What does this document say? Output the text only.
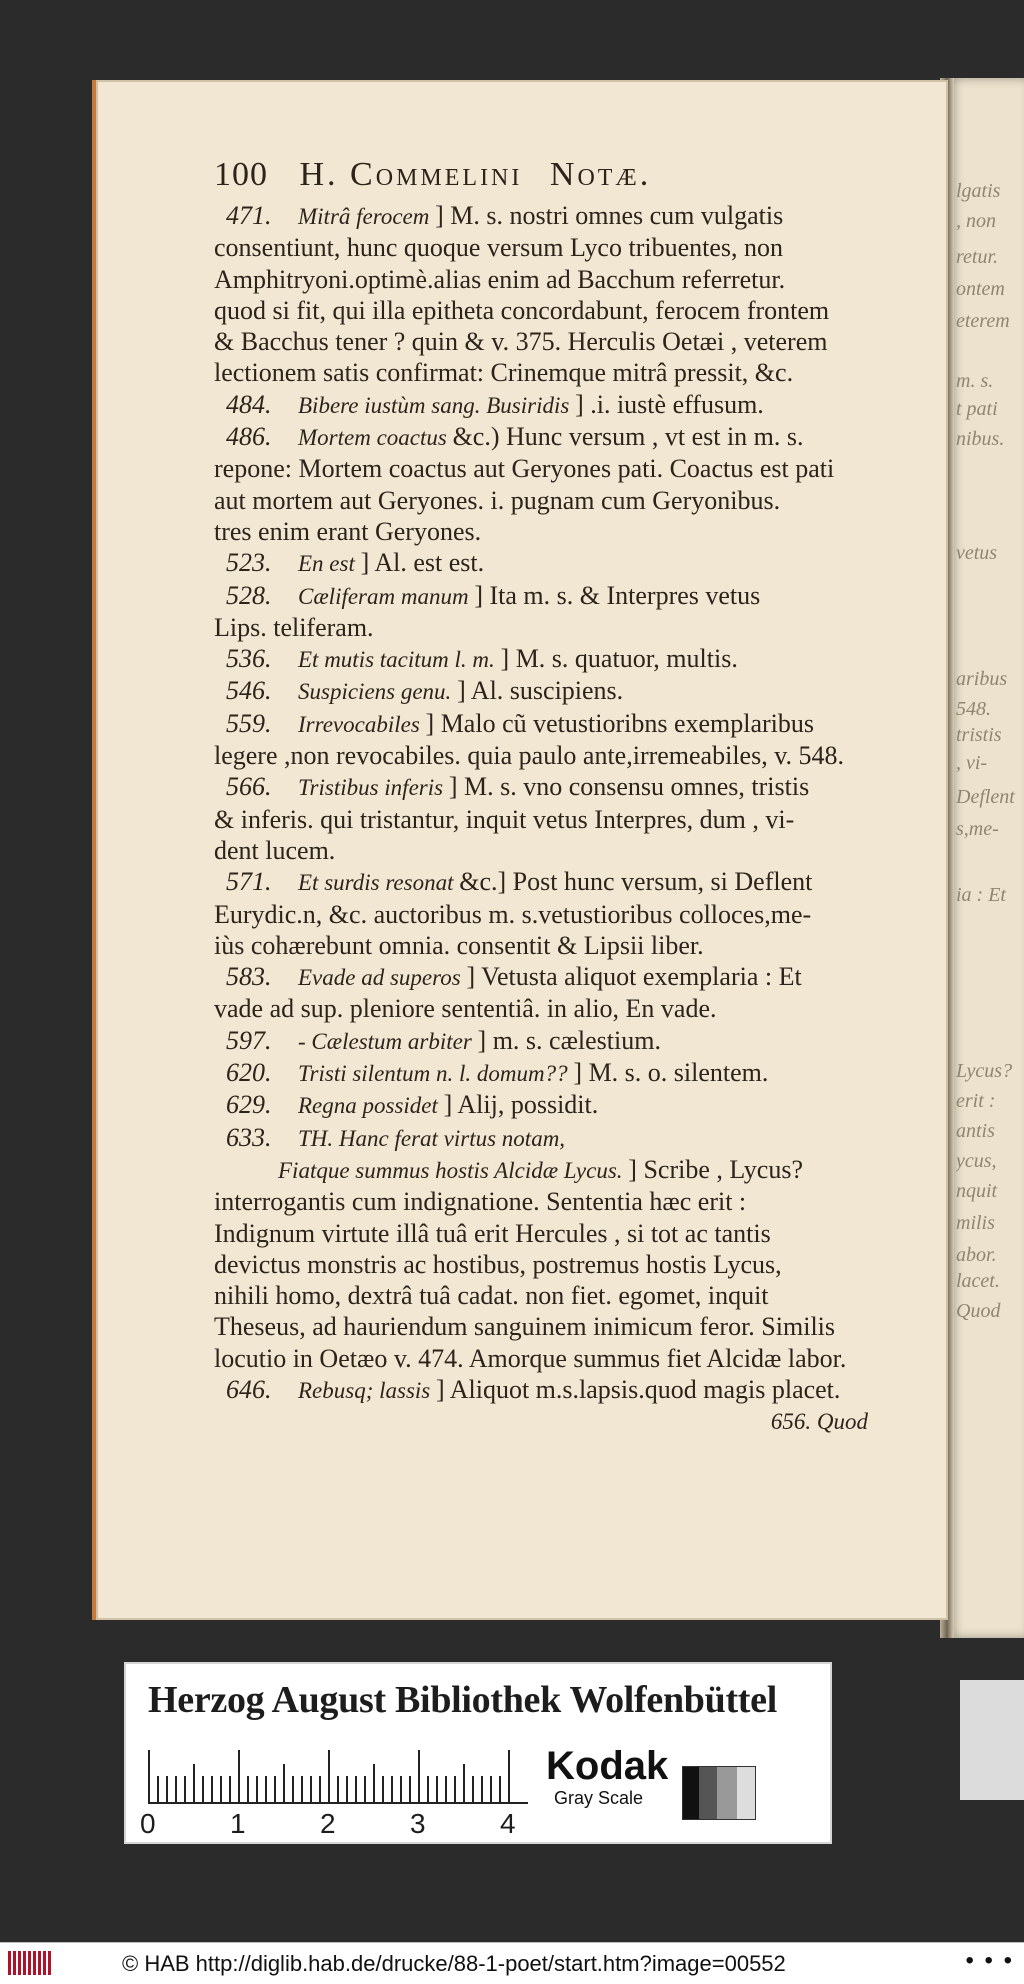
lgatis
, non
retur.
ontem
eterem
m. s.
t pati
nibus.
vetus
aribus
548.
tristis
, vi-
Deflent
s,me-
ia : Et
Lycus?
erit :
antis
ycus,
nquit
milis
abor.
lacet.
Quod
100 H. Commelini Notæ.
471. Mitrâ ferocem ] M. s. nostri omnes cum vulgatis
consentiunt, hunc quoque versum Lyco tribuentes, non
Amphitryoni.optimè.alias enim ad Bacchum referretur.
quod si fit, qui illa epitheta concordabunt, ferocem frontem
& Bacchus tener ? quin & v. 375. Herculis Oetæi , veterem
lectionem satis confirmat: Crinemque mitrâ pressit, &c.
484. Bibere iustùm sang. Busiridis ] .i. iustè effusum.
486. Mortem coactus &c.) Hunc versum , vt est in m. s.
repone: Mortem coactus aut Geryones pati. Coactus est pati
aut mortem aut Geryones. i. pugnam cum Geryonibus.
tres enim erant Geryones.
523. En est ] Al. est est.
528. Cæliferam manum ] Ita m. s. & Interpres vetus
Lips. teliferam.
536. Et mutis tacitum l. m. ] M. s. quatuor, multis.
546. Suspiciens genu. ] Al. suscipiens.
559. Irrevocabiles ] Malo cũ vetustioribns exemplaribus
legere ,non revocabiles. quia paulo ante,irremeabiles, v. 548.
566. Tristibus inferis ] M. s. vno consensu omnes, tristis
& inferis. qui tristantur, inquit vetus Interpres, dum , vi-
dent lucem.
571. Et surdis resonat &c.] Post hunc versum, si Deflent
Eurydic.n, &c. auctoribus m. s.vetustioribus colloces,me-
iùs cohærebunt omnia. consentit & Lipsii liber.
583. Evade ad superos ] Vetusta aliquot exemplaria : Et
vade ad sup. pleniore sententiâ. in alio, En vade.
597. - Cælestum arbiter ] m. s. cælestium.
620. Tristi silentum n. l. domum?? ] M. s. o. silentem.
629. Regna possidet ] Alij, possidit.
633. TH. Hanc ferat virtus notam,
Fiatque summus hostis Alcidæ Lycus. ] Scribe , Lycus?
interrogantis cum indignatione. Sententia hæc erit :
Indignum virtute illâ tuâ erit Hercules , si tot ac tantis
devictus monstris ac hostibus, postremus hostis Lycus,
nihili homo, dextrâ tuâ cadat. non fiet. egomet, inquit
Theseus, ad hauriendum sanguinem inimicum feror. Similis
locutio in Oetæo v. 474. Amorque summus fiet Alcidæ labor.
646. Rebusq; lassis ] Aliquot m.s.lapsis.quod magis placet.
656. Quod
Herzog August Bibliothek Wolfenbüttel
0	1	2	3	4
Kodak
Gray Scale
© HAB http://diglib.hab.de/drucke/88-1-poet/start.htm?image=00552	• • •
